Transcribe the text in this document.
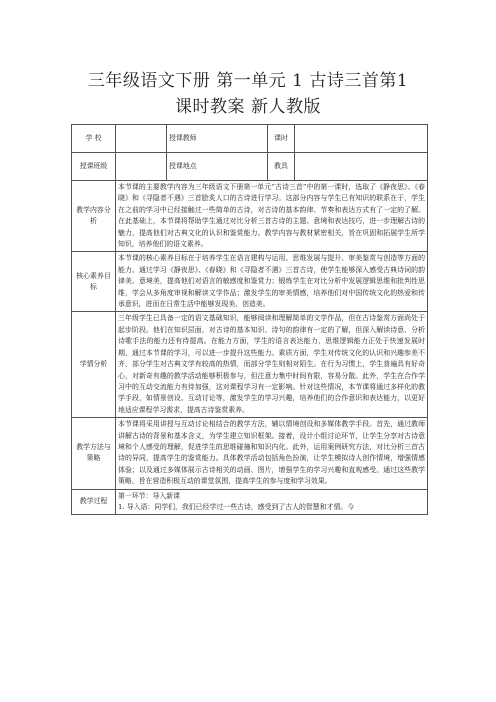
三年级语文下册 第一单元 1 古诗三首第1
课时教案 新人教版
学 校		授课教师	课时	
授课班级		授课地点	教具	
教学内容分析	本节课的主要教学内容为三年级语文下册第一单元“古诗三首”中的第一课时，选取了《静夜思》、《春晓》和《寻隐者不遇》三首脍炙人口的古诗进行学习。这部分内容与学生已有知识的联系在于，学生在之前的学习中已经接触过一些简单的古诗，对古诗的基本韵律、节奏和表达方式有了一定的了解。在此基础上，本节课将帮助学生通过对比分析三首古诗的主题、意境和表达技巧，进一步理解古诗的魅力，提高他们对古典文化的认识和鉴赏能力。教学内容与教材紧密相关，旨在巩固和拓展学生所学知识，培养他们的语文素养。			
核心素养目标	本节课的核心素养目标在于培养学生在语言建构与运用、思维发展与提升、审美鉴赏与创造等方面的能力。通过学习《静夜思》、《春晓》和《寻隐者不遇》三首古诗，使学生能够深入感受古典诗词的韵律美、意境美，提高他们对语言的敏感度和鉴赏力；锻炼学生在对比分析中发展逻辑思维和批判性思维，学会从多角度审视和解读文学作品；激发学生的审美情感，培养他们对中国传统文化的热爱和传承意识，进而在日常生活中能够发现美、创造美。			
学情分析	三年级学生已具备一定的语文基础知识，能够阅读和理解简单的文学作品，但在古诗鉴赏方面尚处于起步阶段。他们在知识层面，对古诗的基本知识、诗句的韵律有一定的了解，但深入解读诗意、分析诗歌手法的能力还有待提高。在能力方面，学生的语言表达能力、思维逻辑能力正处于快速发展时期，通过本节课的学习，可以进一步提升这些能力。素质方面，学生对传统文化的认识和兴趣参差不齐，部分学生对古典文学有较高的热情，而部分学生则相对陌生。在行为习惯上，学生普遍具有好奇心，对新奇有趣的教学活动能够积极参与，但注意力集中时间有限，容易分散。此外，学生在合作学习中的互动交流能力有待加强，这对课程学习有一定影响。针对这些情况，本节课将通过多样化的教学手段，如情景创设、互动讨论等，激发学生的学习兴趣，培养他们的合作意识和表达能力，以更好地适应课程学习需求，提高古诗鉴赏素养。			
教学方法与策略	本节课将采用讲授与互动讨论相结合的教学方法，辅以情境创设和多媒体教学手段。首先，通过教师讲解古诗的背景和基本含义，为学生建立知识框架。接着，设计小组讨论环节，让学生分享对古诗意境和个人感受的理解，促进学生的思维碰撞和知识内化。此外，运用案例研究方法，对比分析三首古诗的异同，提高学生的鉴赏能力。具体教学活动包括角色扮演，让学生模拟诗人创作情境，增强情感体验；以及通过多媒体展示古诗相关的动画、图片，增强学生的学习兴趣和直观感受。通过这些教学策略，旨在营造积极互动的课堂氛围，提高学生的参与度和学习效果。			
教学过程	第一环节：导入新课
1. 导入语：同学们，我们已经学过一些古诗，感受到了古人的智慧和才情。今			
